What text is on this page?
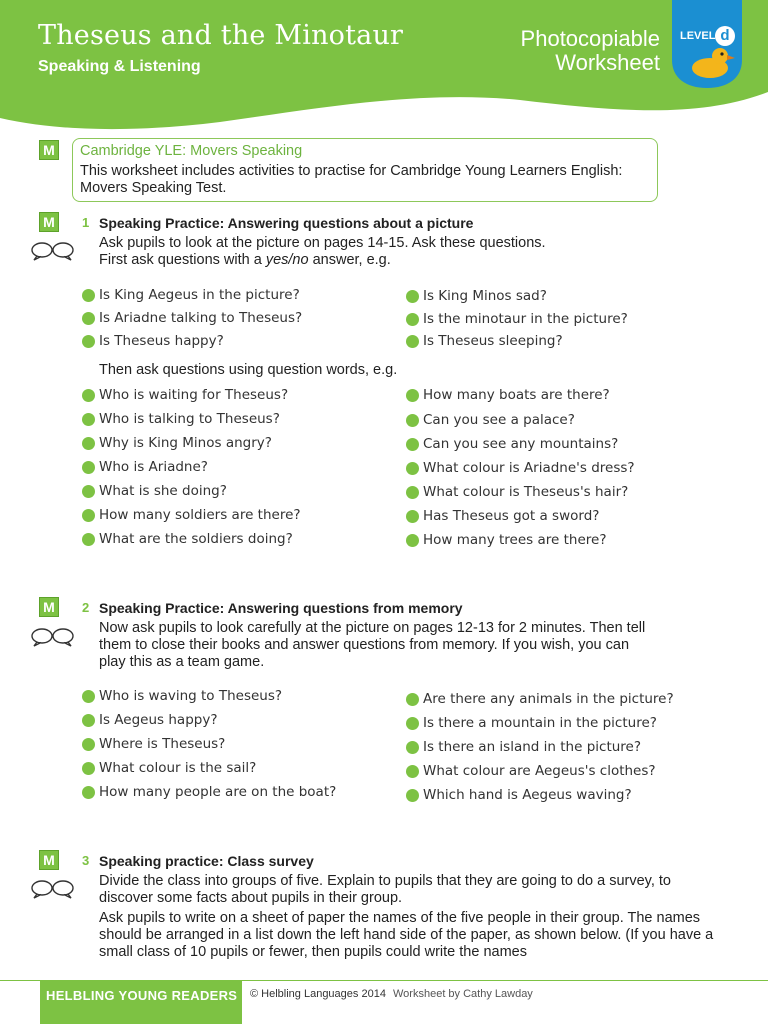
Theseus and the Minotaur
Speaking & Listening
Photocopiable
Worksheet
LEVEL d
M Cambridge YLE: Movers Speaking
This worksheet includes activities to practise for Cambridge Young Learners English: Movers Speaking Test.
M	1 Speaking Practice: Answering questions about a picture
Ask pupils to look at the picture on pages 14-15. Ask these questions.
First ask questions with a yes/no answer, e.g.
Is King Aegeus in the picture?
Is Ariadne talking to Theseus?
Is Theseus happy?
Is King Minos sad?
Is the minotaur in the picture?
Is Theseus sleeping?
Then ask questions using question words, e.g.
Who is waiting for Theseus?
Who is talking to Theseus?
Why is King Minos angry?
Who is Ariadne?
What is she doing?
How many soldiers are there?
What are the soldiers doing?
How many boats are there?
Can you see a palace?
Can you see any mountains?
What colour is Ariadne's dress?
What colour is Theseus's hair?
Has Theseus got a sword?
How many trees are there?
M	2 Speaking Practice: Answering questions from memory
Now ask pupils to look carefully at the picture on pages 12-13 for 2 minutes. Then tell them to close their books and answer questions from memory. If you wish, you can play this as a team game.
Who is waving to Theseus?
Is Aegeus happy?
Where is Theseus?
What colour is the sail?
How many people are on the boat?
Are there any animals in the picture?
Is there a mountain in the picture?
Is there an island in the picture?
What colour are Aegeus's clothes?
Which hand is Aegeus waving?
M	3 Speaking practice: Class survey
Divide the class into groups of five. Explain to pupils that they are going to do a survey, to discover some facts about pupils in their group.
Ask pupils to write on a sheet of paper the names of the five people in their group. The names should be arranged in a list down the left hand side of the paper, as shown below. (If you have a small class of 10 pupils or fewer, then pupils could write the names
HELBLING YOUNG READERS © Helbling Languages 2014 Worksheet by Cathy Lawday
